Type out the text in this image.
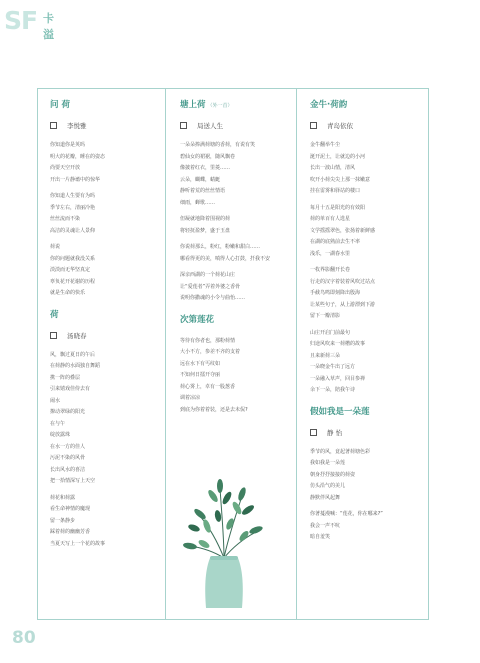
SF 卡溢
问 荷
李悦雅
你知道你是英吗
明大的花瓣，睡在的姿态
尚要天空开放
开出一片静谧中的惊华
你知道人生要有为吗
季节左右，清丽冷艳
丝丝流而不染
高洁的灵魂让人景仰
荷说
你的问题就我没关系
淡淡而无华坚真定
辜负花开花谢的历程
就是生命的快乐
荷
汤晓春
风，飘过夏日的午后
在荷静的水面独自舞蹈
携一阵的叠层
引来嬉戏佳侍去有
闹水
撩动翠绿的阳光
在与午
绽放露珠
在水一方的佳人
污泥不染的风骨
长出风水的喜洁
把一拾情深写上天空
荷花和荷露
看生命神情的魔现
留一条静步
踩着荷的幽幽芳香
当夏天写上一个花的故事
塘上荷 （外一首）
局送人生
一朵朵捧满荷塘的香荷，有说有笑
碧仙女的裙裾，随风飘卷
像披着红衣，里菱……
云朵，蝴蝶，蜻蜓
静听着荒的丝丝情语
细雨，蝉歌……
但凝就地降着围视的荷
将轻抚盈梦，盛于玉盘
你说荷那么，粉红，粉嫩和甜白……
哪看得更的美，嗔得人心打鼓，扦我不安
深亲西湖的一个荷花山庄
让“爱莲者”弄着外婆之香骨
说明你撒魂的小令与曲怡……
次第莲花
等待有你者也，那粉荷情
大小不方，参差不齐的支着
远在水下有丐纹如
不知何日擂开夺丽
荷心雾上，卓有一股葱香
调着凉凉
到底为你着着装，还是去未侃?
金牛·荷韵
青岛依依
金牛翻举牛尘
涎开泥土，让就边的小河
长出一波山情，清风
吹开小荷尖尖上那一抹嫩意
挂在雷雾和驿站的楼口
每月十五是阳光的有效阳
荷的单百有人选星
文学摇摇翠色，张扬着新鲜感
在湖的底熟前去生不率
浅乐，一湖春水里
一枚界影翻开长卷
行走的汉字着装着风吹过站点
手截鸟鸣即刻降出殷海
让某些句子，从上游漂到下游
留下一瓣清影
山庄开启门前最句
归途风吹来一荷槽的故事
且来新荷三朵
一朵晓金牛出了远方
一朵融入草声，回目参禅
余下一朵，陪我午诗
假如我是一朵莲
静 怡
季节的风，竟起著荷塘色彩
我如我是一朵莲
朝身抒抒接接的荷姿
仿头沿气的美儿
静默伴风起舞
你著蔓漫喊：“莲花，你在哪来?”
我会一声不吭
暗自羞笑
80
